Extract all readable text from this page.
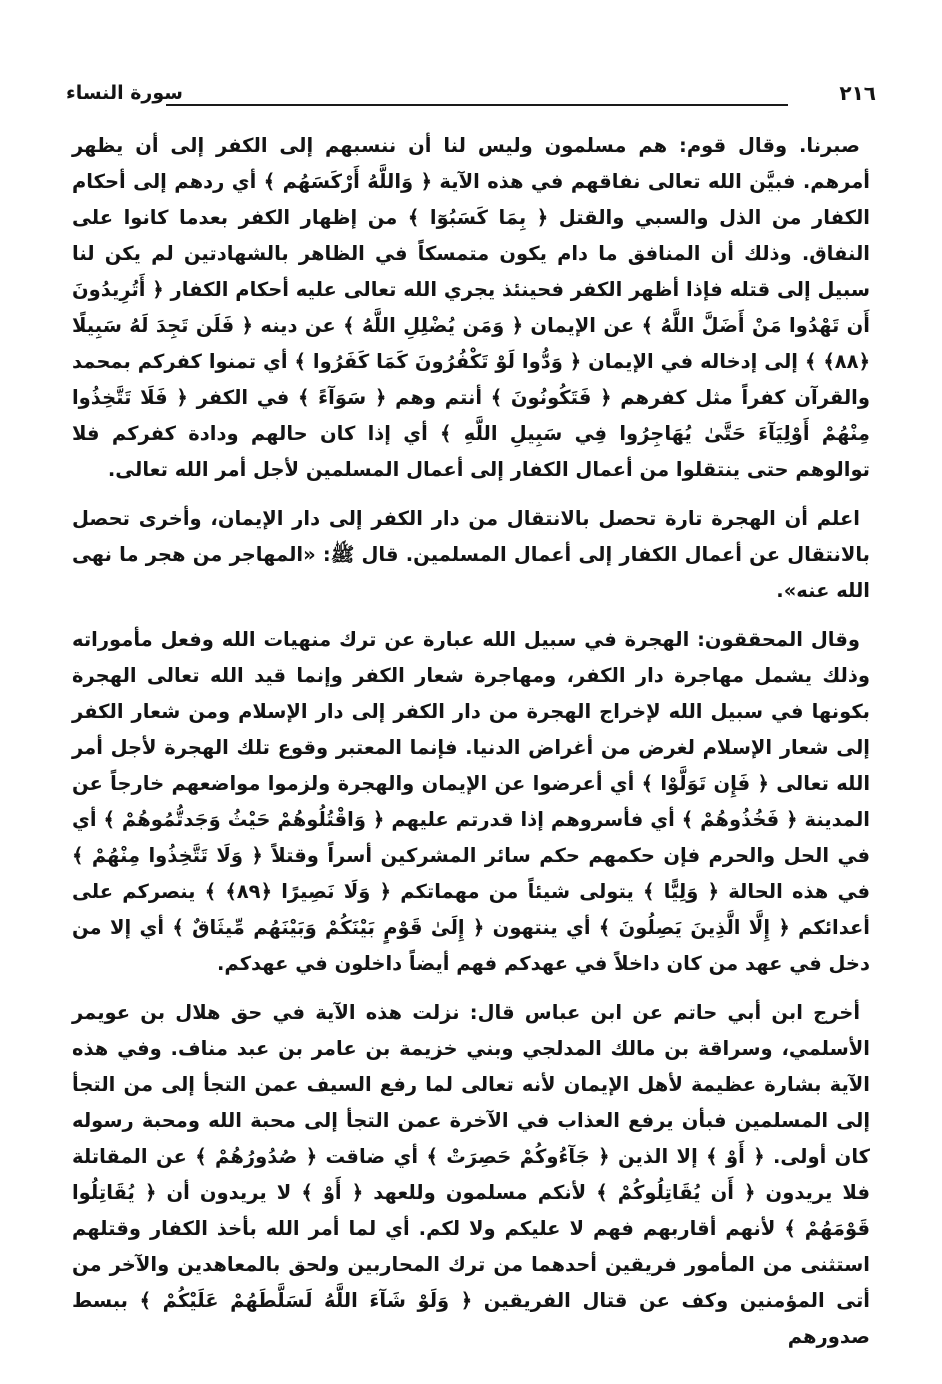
سورة النساء	٢١٦

صبرنا. وقال قوم: هم مسلمون وليس لنا أن ننسبهم إلى الكفر إلى أن يظهر أمرهم. فبيَّن الله تعالى نفاقهم في هذه الآية ﴿ وَاللَّهُ أَرْكَسَهُم ﴾ أي ردهم إلى أحكام الكفار من الذل والسبي والقتل ﴿ بِمَا كَسَبُوٓا ﴾ من إظهار الكفر بعدما كانوا على النفاق. وذلك أن المنافق ما دام يكون متمسكاً في الظاهر بالشهادتين لم يكن لنا سبيل إلى قتله فإذا أظهر الكفر فحينئذ يجري الله تعالى عليه أحكام الكفار ﴿ أَتُرِيدُونَ أَن تَهْدُوا مَنْ أَضَلَّ اللَّهُ ﴾ عن الإيمان ﴿ وَمَن يُضْلِلِ اللَّهُ ﴾ عن دينه ﴿ فَلَن تَجِدَ لَهُ سَبِيلًا ﴿٨٨﴾ ﴾ إلى إدخاله في الإيمان ﴿ وَدُّوا لَوْ تَكْفُرُونَ كَمَا كَفَرُوا ﴾ أي تمنوا كفركم بمحمد والقرآن كفراً مثل كفرهم ﴿ فَتَكُونُونَ ﴾ أنتم وهم ﴿ سَوَآءً ﴾ في الكفر ﴿ فَلَا تَتَّخِذُوا مِنْهُمْ أَوْلِيَآءَ حَتَّىٰ يُهَاجِرُوا فِي سَبِيلِ اللَّهِ ﴾ أي إذا كان حالهم ودادة كفركم فلا توالوهم حتى ينتقلوا من أعمال الكفار إلى أعمال المسلمين لأجل أمر الله تعالى.

اعلم أن الهجرة تارة تحصل بالانتقال من دار الكفر إلى دار الإيمان، وأخرى تحصل بالانتقال عن أعمال الكفار إلى أعمال المسلمين. قال ﷺ: «المهاجر من هجر ما نهى الله عنه».

وقال المحققون: الهجرة في سبيل الله عبارة عن ترك منهيات الله وفعل مأموراته وذلك يشمل مهاجرة دار الكفر، ومهاجرة شعار الكفر وإنما قيد الله تعالى الهجرة بكونها في سبيل الله لإخراج الهجرة من دار الكفر إلى دار الإسلام ومن شعار الكفر إلى شعار الإسلام لغرض من أغراض الدنيا. فإنما المعتبر وقوع تلك الهجرة لأجل أمر الله تعالى ﴿ فَإِن تَوَلَّوْا ﴾ أي أعرضوا عن الإيمان والهجرة ولزموا مواضعهم خارجاً عن المدينة ﴿ فَخُذُوهُمْ ﴾ أي فأسروهم إذا قدرتم عليهم ﴿ وَاقْتُلُوهُمْ حَيْثُ وَجَدتُّمُوهُمْ ﴾ أي في الحل والحرم فإن حكمهم حكم سائر المشركين أسراً وقتلاً ﴿ وَلَا تَتَّخِذُوا مِنْهُمْ ﴾ في هذه الحالة ﴿ وَلِيًّا ﴾ يتولى شيئاً من مهماتكم ﴿ وَلَا نَصِيرًا ﴿٨٩﴾ ﴾ ينصركم على أعدائكم ﴿ إِلَّا الَّذِينَ يَصِلُونَ ﴾ أي ينتهون ﴿ إِلَىٰ قَوْمٍ بَيْنَكُمْ وَبَيْنَهُم مِّيثَاقٌ ﴾ أي إلا من دخل في عهد من كان داخلاً في عهدكم فهم أيضاً داخلون في عهدكم.

أخرج ابن أبي حاتم عن ابن عباس قال: نزلت هذه الآية في حق هلال بن عويمر الأسلمي، وسراقة بن مالك المدلجي وبني خزيمة بن عامر بن عبد مناف. وفي هذه الآية بشارة عظيمة لأهل الإيمان لأنه تعالى لما رفع السيف عمن التجأ إلى من التجأ إلى المسلمين فبأن يرفع العذاب في الآخرة عمن التجأ إلى محبة الله ومحبة رسوله كان أولى. ﴿ أَوْ ﴾ إلا الذين ﴿ جَآءُوكُمْ حَصِرَتْ ﴾ أي ضاقت ﴿ صُدُورُهُمْ ﴾ عن المقاتلة فلا يريدون ﴿ أَن يُقَاتِلُوكُمْ ﴾ لأنكم مسلمون وللعهد ﴿ أَوْ ﴾ لا يريدون أن ﴿ يُقَاتِلُوا قَوْمَهُمْ ﴾ لأنهم أقاربهم فهم لا عليكم ولا لكم. أي لما أمر الله بأخذ الكفار وقتلهم استثنى من المأمور فريقين أحدهما من ترك المحاربين ولحق بالمعاهدين والآخر من أتى المؤمنين وكف عن قتال الفريقين ﴿ وَلَوْ شَآءَ اللَّهُ لَسَلَّطَهُمْ عَلَيْكُمْ ﴾ ببسط صدورهم
